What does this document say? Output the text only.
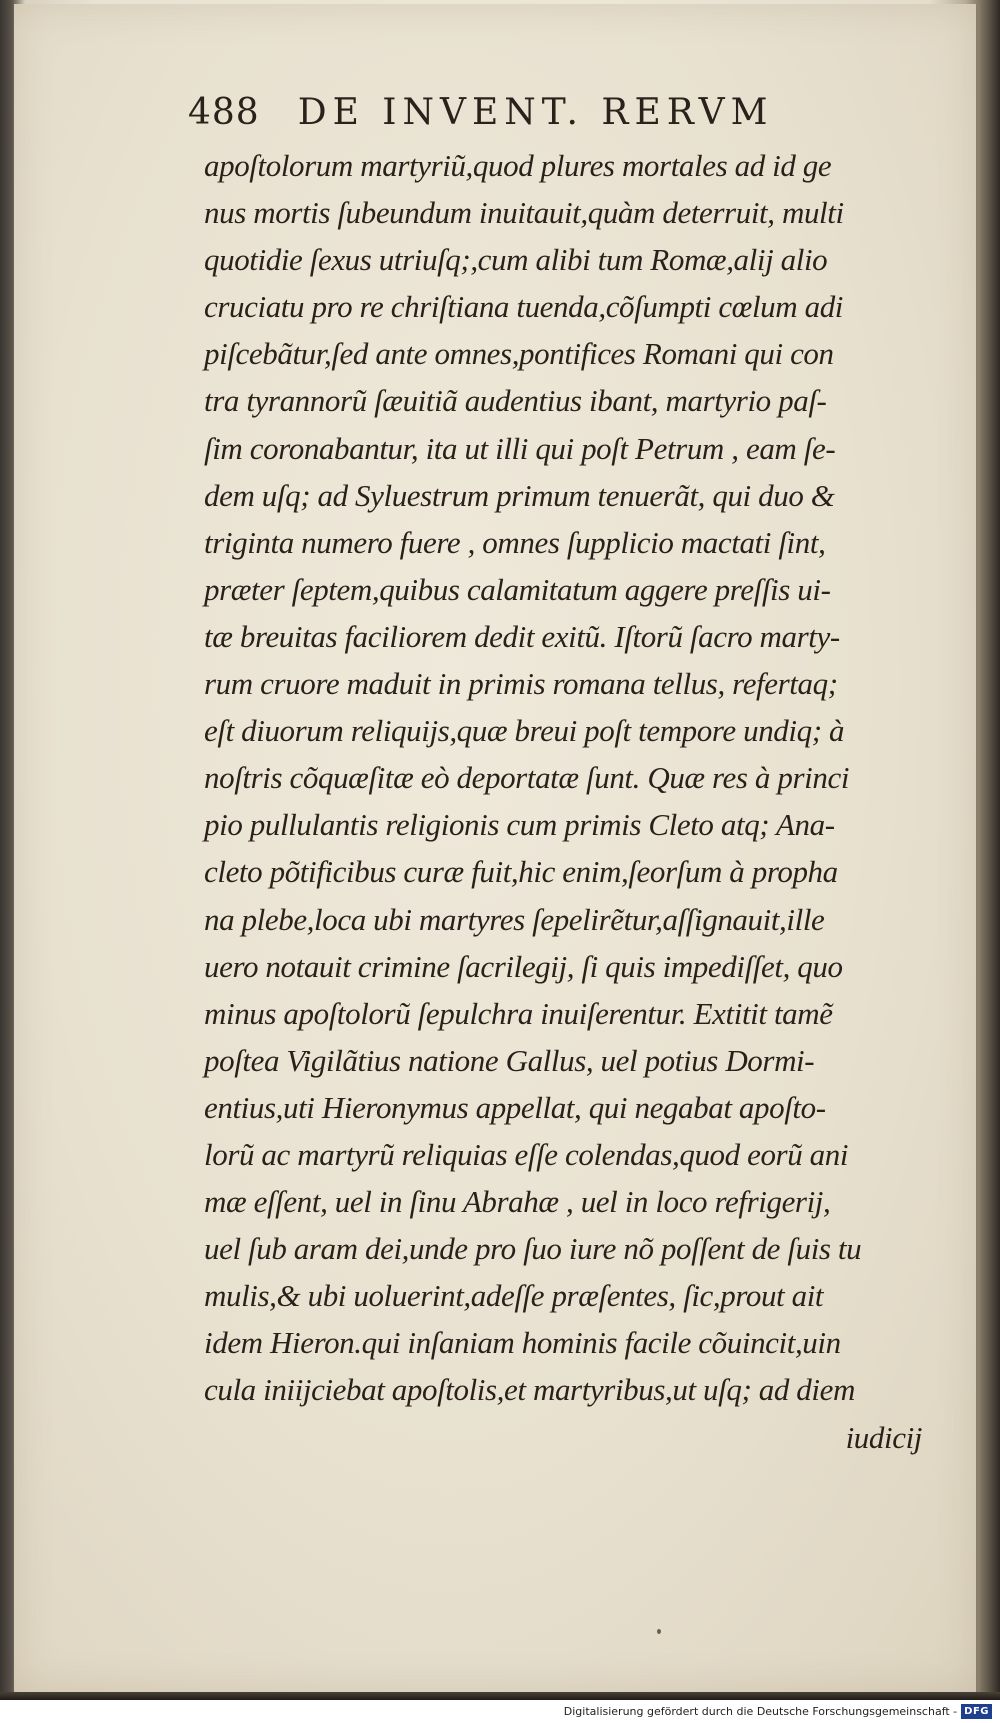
488 DE INVENT. RERVM
apoſtolorum martyriũ,quod plures mortales ad id ge
nus mortis ſubeundum inuitauit,quàm deterruit, multi
quotidie ſexus utriuſq;,cum alibi tum Romæ,alij alio
cruciatu pro re chriſtiana tuenda,cõſumpti cœlum adi
piſcebãtur,ſed ante omnes,pontifices Romani qui con
tra tyrannorũ ſæuitiã audentius ibant, martyrio paſ-
ſim coronabantur, ita ut illi qui poſt Petrum , eam ſe-
dem uſq; ad Syluestrum primum tenuerãt, qui duo &
triginta numero fuere , omnes ſupplicio mactati ſint,
præter ſeptem,quibus calamitatum aggere preſſis ui-
tæ breuitas faciliorem dedit exitũ. Iſtorũ ſacro marty-
rum cruore maduit in primis romana tellus, refertaq;
eſt diuorum reliquijs,quæ breui poſt tempore undiq; à
noſtris cõquæſitæ eò deportatæ ſunt. Quæ res à princi
pio pullulantis religionis cum primis Cleto atq; Ana-
cleto põtificibus curæ fuit,hic enim,ſeorſum à propha
na plebe,loca ubi martyres ſepelirẽtur,aſſignauit,ille
uero notauit crimine ſacrilegij, ſi quis impediſſet, quo
minus apoſtolorũ ſepulchra inuiſerentur. Extitit tamẽ
poſtea Vigilãtius natione Gallus, uel potius Dormi-
entius,uti Hieronymus appellat, qui negabat apoſto-
lorũ ac martyrũ reliquias eſſe colendas,quod eorũ ani
mæ eſſent, uel in ſinu Abrahæ , uel in loco refrigerij,
uel ſub aram dei,unde pro ſuo iure nõ poſſent de ſuis tu
mulis,& ubi uoluerint,adeſſe præſentes, ſic,prout ait
idem Hieron.qui inſaniam hominis facile cõuincit,uin
cula iniijciebat apoſtolis,et martyribus,ut uſq; ad diem
iudicij
Digitalisierung gefördert durch die Deutsche Forschungsgemeinschaft - DFG
